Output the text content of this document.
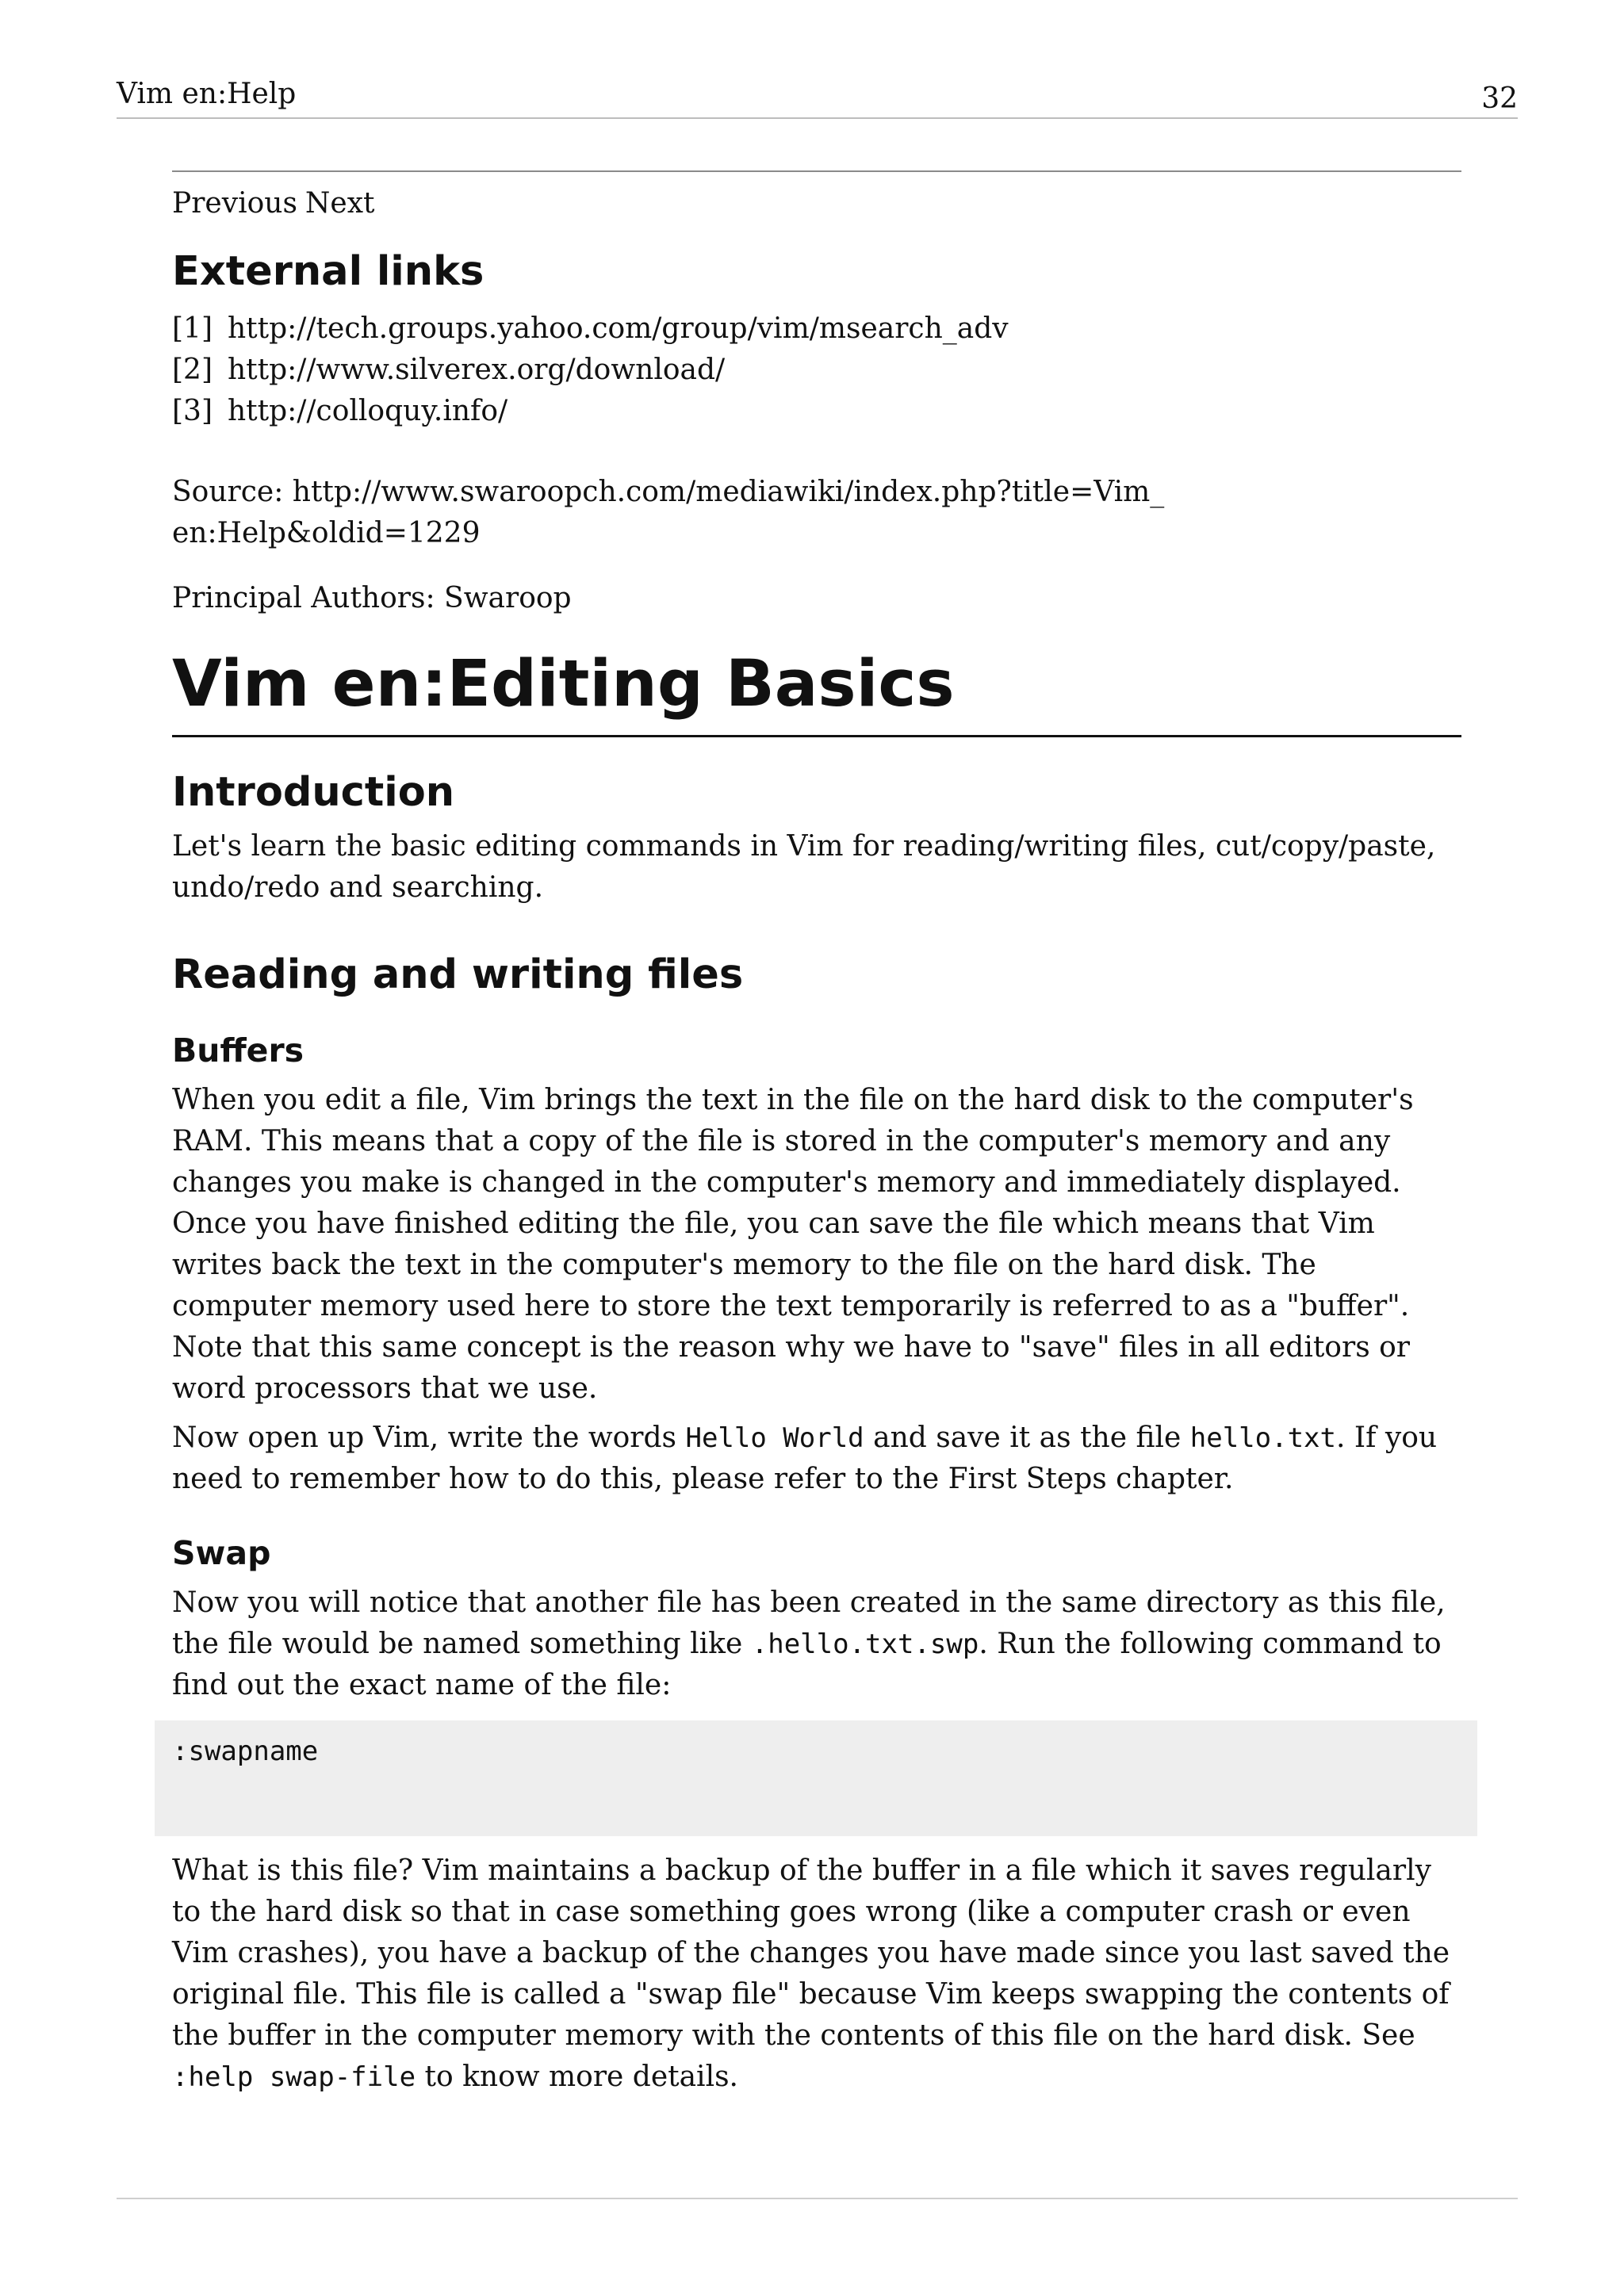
Vim en:Help	32
Previous Next
External links
[1] http://tech.groups.yahoo.com/group/vim/msearch_adv
[2] http://www.silverex.org/download/
[3] http://colloquy.info/

Source: http://www.swaroopch.com/mediawiki/index.php?title=Vim_
en:Help&oldid=1229

Principal Authors: Swaroop

Vim en:Editing Basics
Introduction

Let's learn the basic editing commands in Vim for reading/writing files, cut/copy/paste, undo/redo and searching.

Reading and writing files
Buffers

When you edit a file, Vim brings the text in the file on the hard disk to the computer's RAM. This means that a copy of the file is stored in the computer's memory and any changes you make is changed in the computer's memory and immediately displayed. Once you have finished editing the file, you can save the file which means that Vim writes back the text in the computer's memory to the file on the hard disk. The computer memory used here to store the text temporarily is referred to as a "buffer". Note that this same concept is the reason why we have to "save" files in all editors or word processors that we use.

Now open up Vim, write the words Hello World and save it as the file hello.txt. If you need to remember how to do this, please refer to the First Steps chapter.

Swap

Now you will notice that another file has been created in the same directory as this file, the file would be named something like .hello.txt.swp. Run the following command to find out the exact name of the file:

:swapname

What is this file? Vim maintains a backup of the buffer in a file which it saves regularly to the hard disk so that in case something goes wrong (like a computer crash or even Vim crashes), you have a backup of the changes you have made since you last saved the original file. This file is called a "swap file" because Vim keeps swapping the contents of the buffer in the computer memory with the contents of this file on the hard disk. See :help swap-file to know more details.
